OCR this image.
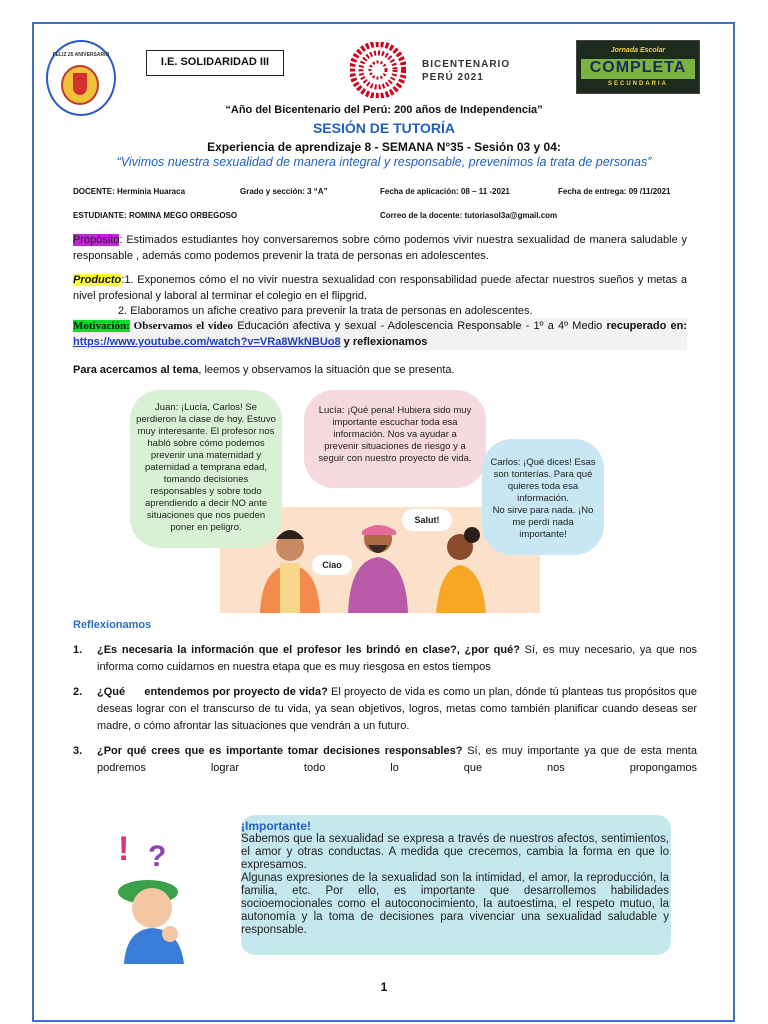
FELIZ 25 ANIVERSARIO
I.E. SOLIDARIDAD III	BICENTENARIO
PERÚ 2021
Jornada Escolar
COMPLETA
SECUNDARIA
“Año del Bicentenario del Perú: 200 años de Independencia”
SESIÓN DE TUTORÍA
Experiencia de aprendizaje 8 - SEMANA N°35 - Sesión 03 y 04:
“Vivimos nuestra sexualidad de manera integral y responsable, prevenimos la trata de personas”
DOCENTE: Herminia Huaraca	Grado y sección: 3 “A”	Fecha de aplicación: 08 – 11 -2021	Fecha de entrega: 09 /11/2021
ESTUDIANTE: ROMINA MEGO ORBEGOSO	Correo de la docente: tutoriasol3a@gmail.com
Propósito: Estimados estudiantes hoy conversaremos sobre cómo podemos vivir nuestra sexualidad de manera saludable y responsable , además como podemos prevenir la trata de personas en adolescentes.
Producto:1. Exponemos cómo el no vivir nuestra sexualidad con responsabilidad puede afectar nuestros sueños y metas a nivel profesional y laboral al terminar el colegio en el flipgrid.
2. Elaboramos un afiche creativo para prevenir la trata de personas en adolescentes.
Motivación: Observamos el video Educación afectiva y sexual - Adolescencia Responsable - 1º a 4º Medio recuperado en: https://www.youtube.com/watch?v=VRa8WkNBUo8 y reflexionamos
Para acercamos al tema, leemos y observamos la situación que se presenta.
Juan: ¡Lucía, Carlos! Se perdieron la clase de hoy. Estuvo muy interesante. El profesor nos habló sobre cómo podemos prevenir una maternidad y paternidad a temprana edad, tomando decisiones responsables y sobre todo aprendiendo a decir NO ante situaciones que nos pueden poner en peligro.
Lucía: ¡Qué pena! Hubiera sido muy importante escuchar toda esa información. Nos va ayudar a prevenir situaciones de riesgo y a seguir con nuestro proyecto de vida.	Carlos: ¡Qué dices! Esas son tonterías. Para qué quieres toda esa información.
No sirve para nada. ¡No me perdí nada importante!
Salut!
Ciao
Reflexionamos
1. ¿Es necesaria la información que el profesor les brindó en clase?, ¿por qué? Sí, es muy necesario, ya que nos informa como cuidarnos en nuestra etapa que es muy riesgosa en estos tiempos
2. ¿Qué      entendemos por proyecto de vida? El proyecto de vida es como un plan, dónde tú planteas tus propósitos que deseas lograr con el transcurso de tu vida, ya sean objetivos, logros, metas como también planificar cuando deseas ser madre, o cómo afrontar las situaciones que vendrán a un futuro.
3. ¿Por qué crees que es importante tomar decisiones responsables? Sí, es muy importante ya que de esta menta podremos lograr todo lo que nos propongamos
! ?
¡Importante!
Sabemos que la sexualidad se expresa a través de nuestros afectos, sentimientos, el amor y otras conductas. A medida que crecemos, cambia la forma en que lo expresamos.
Algunas expresiones de la sexualidad son la intimidad, el amor, la reproducción, la familia, etc. Por ello, es importante que desarrollemos habilidades socioemocionales como el autoconocimiento, la autoestima, el respeto mutuo, la autonomía y la toma de decisiones para vivenciar una sexualidad saludable y responsable.
1
